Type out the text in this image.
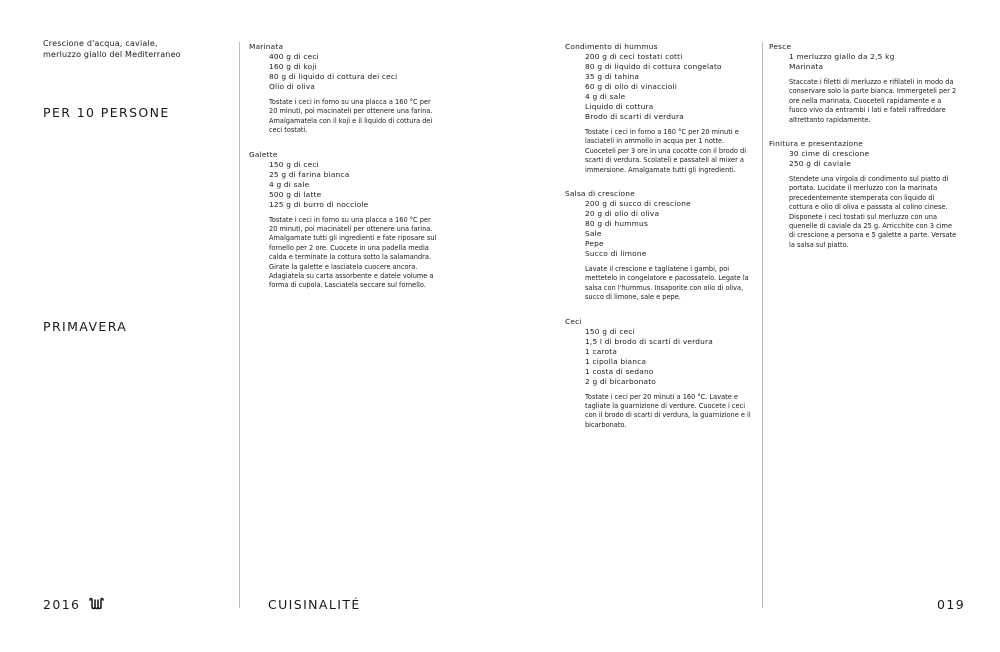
Crescione d'acqua, caviale,
merluzzo giallo del Mediterraneo
PER 10 PERSONE
PRIMAVERA
2016	CUISINALITÉ	019

Marinata

400 g di ceci
160 g di koji
80 g di liquido di cottura dei ceci
Olio di oliva

Tostate i ceci in forno su una placca a 160 °C per 20 minuti, poi macinateli per ottenere una farina. Amalgamatela con il koji e il liquido di cottura dei ceci tostati.

Galette

150 g di ceci
25 g di farina bianca
4 g di sale
500 g di latte
125 g di burro di nocciole

Tostate i ceci in forno su una placca a 160 °C per 20 minuti, poi macinateli per ottenere una farina. Amalgamate tutti gli ingredienti e fate riposare sul fornello per 2 ore. Cuocete in una padella media calda e terminate la cottura sotto la salamandra. Girate la galette e lasciatela cuocere ancora. Adagiatela su carta assorbente e datele volume a forma di cupola. Lasciatela seccare sul fornello.

Condimento di hummus

200 g di ceci tostati cotti
80 g di liquido di cottura congelato
35 g di tahina
60 g di olio di vinaccioli
4 g di sale
Liquido di cottura
Brodo di scarti di verdura

Tostate i ceci in forno a 160 °C per 20 minuti e lasciateli in ammollo in acqua per 1 notte. Cuoceteli per 3 ore in una cocotte con il brodo di scarti di verdura. Scolateli e passateli al mixer a immersione. Amalgamate tutti gli ingredienti.

Salsa di crescione

200 g di succo di crescione
20 g di olio di oliva
80 g di hummus
Sale
Pepe
Succo di limone

Lavate il crescione e tagliatene i gambi, poi mettetelo in congelatore e pacossatelo. Legate la salsa con l'hummus. Insaporite con olio di oliva, succo di limone, sale e pepe.

Ceci

150 g di ceci
1,5 l di brodo di scarti di verdura
1 carota
1 cipolla bianca
1 costa di sedano
2 g di bicarbonato

Tostate i ceci per 20 minuti a 160 °C. Lavate e tagliate la guarnizione di verdure. Cuocete i ceci con il brodo di scarti di verdura, la guarnizione e il bicarbonato.

Pesce

1 merluzzo giallo da 2,5 kg
Marinata

Staccate i filetti di merluzzo e rifilateli in modo da conservare solo la parte bianca. Immergeteli per 2 ore nella marinata. Cuoceteli rapidamente e a fuoco vivo da entrambi i lati e fateli raffreddare altrettanto rapidamente.

Finitura e presentazione

30 cime di crescione
250 g di caviale

Stendete una virgola di condimento sul piatto di portata. Lucidate il merluzzo con la marinata precedentemente stemperata con liquido di cottura e olio di oliva e passata al colino cinese. Disponete i ceci tostati sul merluzzo con una quenelle di caviale da 25 g. Arricchite con 3 cime di crescione a persona e 5 galette a parte. Versate la salsa sul piatto.
